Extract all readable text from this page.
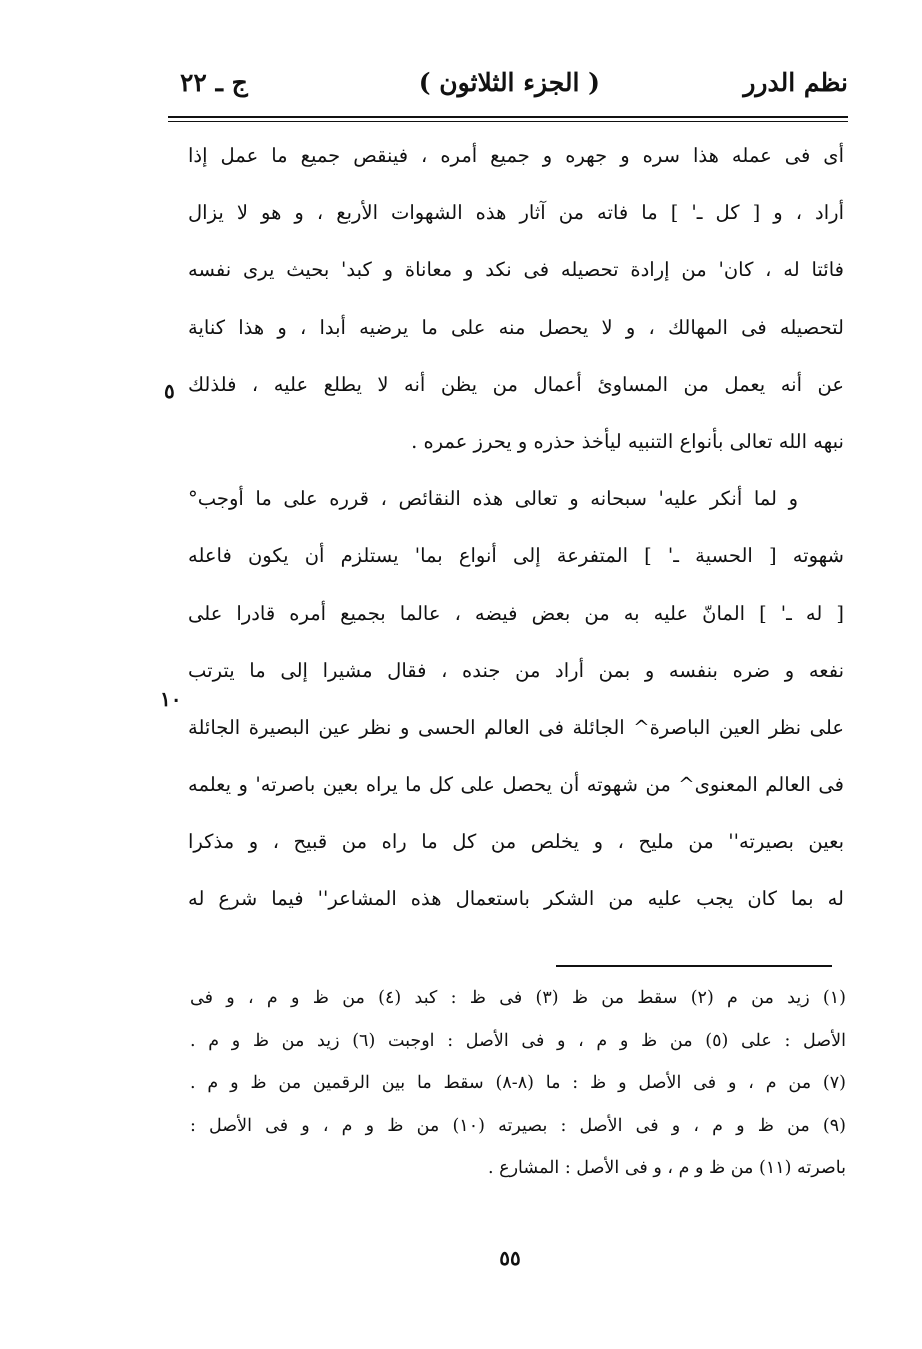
نظم الدرر
( الجزء الثلاثون )
ج ـ ٢٢
أى فى عمله هذا سره و جهره و جميع أمره ، فينقص جميع ما عمل إذا
أراد ، و [ كل ـ' ] ما فاته من آثار هذه الشهوات الأربع ، و هو لا يزال
فائتا له ، كان' من إرادة تحصيله فى نكد و معاناة و كبد' بحيث يرى نفسه
لتحصيله فى المهالك ، و لا يحصل منه على ما يرضيه أبدا ، و هذا كناية
عن أنه يعمل من المساوئ أعمال من يظن أنه لا يطلع عليه ، فلذلك
نبهه الله تعالى بأنواع التنبيه ليأخذ حذره و يحرز عمره .
و لما أنكر عليه' سبحانه و تعالى هذه النقائص ، قرره على ما أوجب°
شهوته [ الحسية ـ' ] المتفرعة إلى أنواع بما' يستلزم أن يكون فاعله
[ له ـ' ] المانّ عليه به من بعض فيضه ، عالما بجميع أمره قادرا على
نفعه و ضره بنفسه و بمن أراد من جنده ، فقال مشيرا إلى ما يترتب
على نظر العين الباصرة^ الجائلة فى العالم الحسى و نظر عين البصيرة الجائلة
فى العالم المعنوى^ من شهوته أن يحصل على كل ما يراه بعين باصرته' و يعلمه
بعين بصيرته'' من مليح ، و يخلص من كل ما راه من قبيح ، و مذكرا
له بما كان يجب عليه من الشكر باستعمال هذه المشاعر'' فيما شرع له
٥
١٠
(١) زيد من م (٢) سقط من ظ (٣) فى ظ : كبد (٤) من ظ و م ، و فى
الأصل : على (٥) من ظ و م ، و فى الأصل : اوجبت (٦) زيد من ظ و م .
(٧) من م ، و فى الأصل و ظ : ما (٨-٨) سقط ما بين الرقمين من ظ و م .
(٩) من ظ و م ، و فى الأصل : بصيرته (١٠) من ظ و م ، و فى الأصل :
باصرته (١١) من ظ و م ، و فى الأصل : المشارع .
٥٥
